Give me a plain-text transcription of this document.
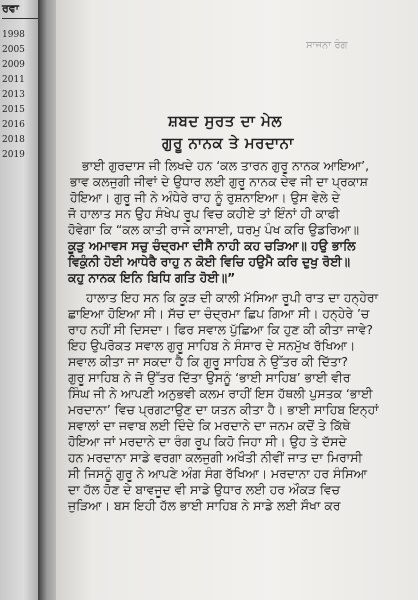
ਰਵਾ
1998
2005
2009
2011
2013
2015
2016
2018
2019
ਸਾਜਨਾ ਰੰਗ
ਸ਼ਬਦ ਸੁਰਤ ਦਾ ਮੇਲ
ਗੁਰੂ ਨਾਨਕ ਤੇ ਮਰਦਾਨਾ
ਭਾਈ ਗੁਰਦਾਸ ਜੀ ਲਿਖਦੇ ਹਨ ‘ਕਲ ਤਾਰਨ ਗੁਰੂ ਨਾਨਕ ਆਇਆ’,
ਭਾਵ ਕਲਜੁਗੀ ਜੀਵਾਂ ਦੇ ਉਧਾਰ ਲਈ ਗੁਰੂ ਨਾਨਕ ਦੇਵ ਜੀ ਦਾ ਪ੍ਰਕਾਸ਼
ਹੋਇਆ। ਗੁਰੂ ਜੀ ਨੇ ਅੰਧੇਰੇ ਰਾਹ ਨੂੰ ਰੁਸ਼ਨਾਇਆ। ਉਸ ਵੇਲੇ ਦੇ
ਜੋ ਹਾਲਾਤ ਸਨ ਉਹ ਸੰਖੇਪ ਰੂਪ ਵਿਚ ਕਹੀਏ ਤਾਂ ਇੰਨਾਂ ਹੀ ਕਾਫੀ
ਹੋਵੇਗਾ ਕਿ “ਕਲ ਕਾਤੀ ਰਾਜੇ ਕਾਸਾਈ, ਧਰਮੁ ਪੰਖ ਕਰਿ ਉਡਰਿਆ॥
ਕੂੜੁ ਅਮਾਵਸ ਸਚੁ ਚੰਦ੍ਰਮਾ ਦੀਸੈ ਨਾਹੀ ਕਹ ਚੜਿਆ॥ ਹਉ ਭਾਲਿ
ਵਿਕੁੰਨੀ ਹੋਈ ਆਧੇਰੈ ਰਾਹੁ ਨ ਕੋਈ ਵਿਚਿ ਹਉਮੈ ਕਰਿ ਦੁਖੁ ਰੋਈ॥
ਕਹੁ ਨਾਨਕ ਇਨਿ ਬਿਧਿ ਗਤਿ ਹੋਈ॥”
ਹਾਲਾਤ ਇਹ ਸਨ ਕਿ ਕੂੜ ਦੀ ਕਾਲੀ ਮੱਸਿਆ ਰੂਪੀ ਰਾਤ ਦਾ ਹਨ੍ਹੇਰਾ
ਛਾਇਆ ਹੋਇਆ ਸੀ। ਸੱਚ ਦਾ ਚੰਦ੍ਰਮਾ ਛਿਪ ਗਿਆ ਸੀ। ਹਨ੍ਹੇਰੇ ’ਚ
ਰਾਹ ਨਹੀਂ ਸੀ ਦਿਸਦਾ। ਫਿਰ ਸਵਾਲ ਪੁੱਛਿਆ ਕਿ ਹੁਣ ਕੀ ਕੀਤਾ ਜਾਵੇ?
ਇਹ ਉਪਰੋਕਤ ਸਵਾਲ ਗੁਰੂ ਸਾਹਿਬ ਨੇ ਸੰਸਾਰ ਦੇ ਸਨਮੁੱਖ ਰੱਖਿਆ।
ਸਵਾਲ ਕੀਤਾ ਜਾ ਸਕਦਾ ਹੈ ਕਿ ਗੁਰੂ ਸਾਹਿਬ ਨੇ ਉੱਤਰ ਕੀ ਦਿੱਤਾ?
ਗੁਰੂ ਸਾਹਿਬ ਨੇ ਜੋ ਉੱਤਰ ਦਿੱਤਾ ਉਸਨੂੰ ‘ਭਾਈ ਸਾਹਿਬ’ ਭਾਈ ਵੀਰ
ਸਿੰਘ ਜੀ ਨੇ ਆਪਣੀ ਅਨੁਭਵੀ ਕਲਮ ਰਾਹੀਂ ਇਸ ਹੱਥਲੀ ਪੁਸਤਕ ‘ਭਾਈ
ਮਰਦਾਨਾ’ ਵਿਚ ਪ੍ਰਗਟਾਉਣ ਦਾ ਯਤਨ ਕੀਤਾ ਹੈ। ਭਾਈ ਸਾਹਿਬ ਇਨ੍ਹਾਂ
ਸਵਾਲਾਂ ਦਾ ਜਵਾਬ ਲਈ ਦਿੰਦੇ ਕਿ ਮਰਦਾਨੇ ਦਾ ਜਨਮ ਕਦੋਂ ਤੇ ਕਿੱਥੇ
ਹੋਇਆ ਜਾਂ ਮਰਦਾਨੇ ਦਾ ਰੰਗ ਰੂਪ ਕਿਹੋ ਜਿਹਾ ਸੀ। ਉਹ ਤੇ ਦੱਸਦੇ
ਹਨ ਮਰਦਾਨਾ ਸਾਡੇ ਵਰਗਾ ਕਲਜੁਗੀ ਅਖੌਤੀ ਨੀਵੀਂ ਜਾਤ ਦਾ ਮਿਰਾਸੀ
ਸੀ ਜਿਸਨੂੰ ਗੁਰੂ ਨੇ ਆਪਣੇ ਅੰਗ ਸੰਗ ਰੱਖਿਆ। ਮਰਦਾਨਾ ਹਰ ਸੰਸਿਆ
ਦਾ ਹੱਲ ਹੋਣ ਦੇ ਬਾਵਜੂਦ ਵੀ ਸਾਡੇ ਉਧਾਰ ਲਈ ਹਰ ਔਕੜ ਵਿਚ
ਜੁੜਿਆ। ਬਸ ਇਹੀ ਹੱਲ ਭਾਈ ਸਾਹਿਬ ਨੇ ਸਾਡੇ ਲਈ ਸੌਖਾ ਕਰ
